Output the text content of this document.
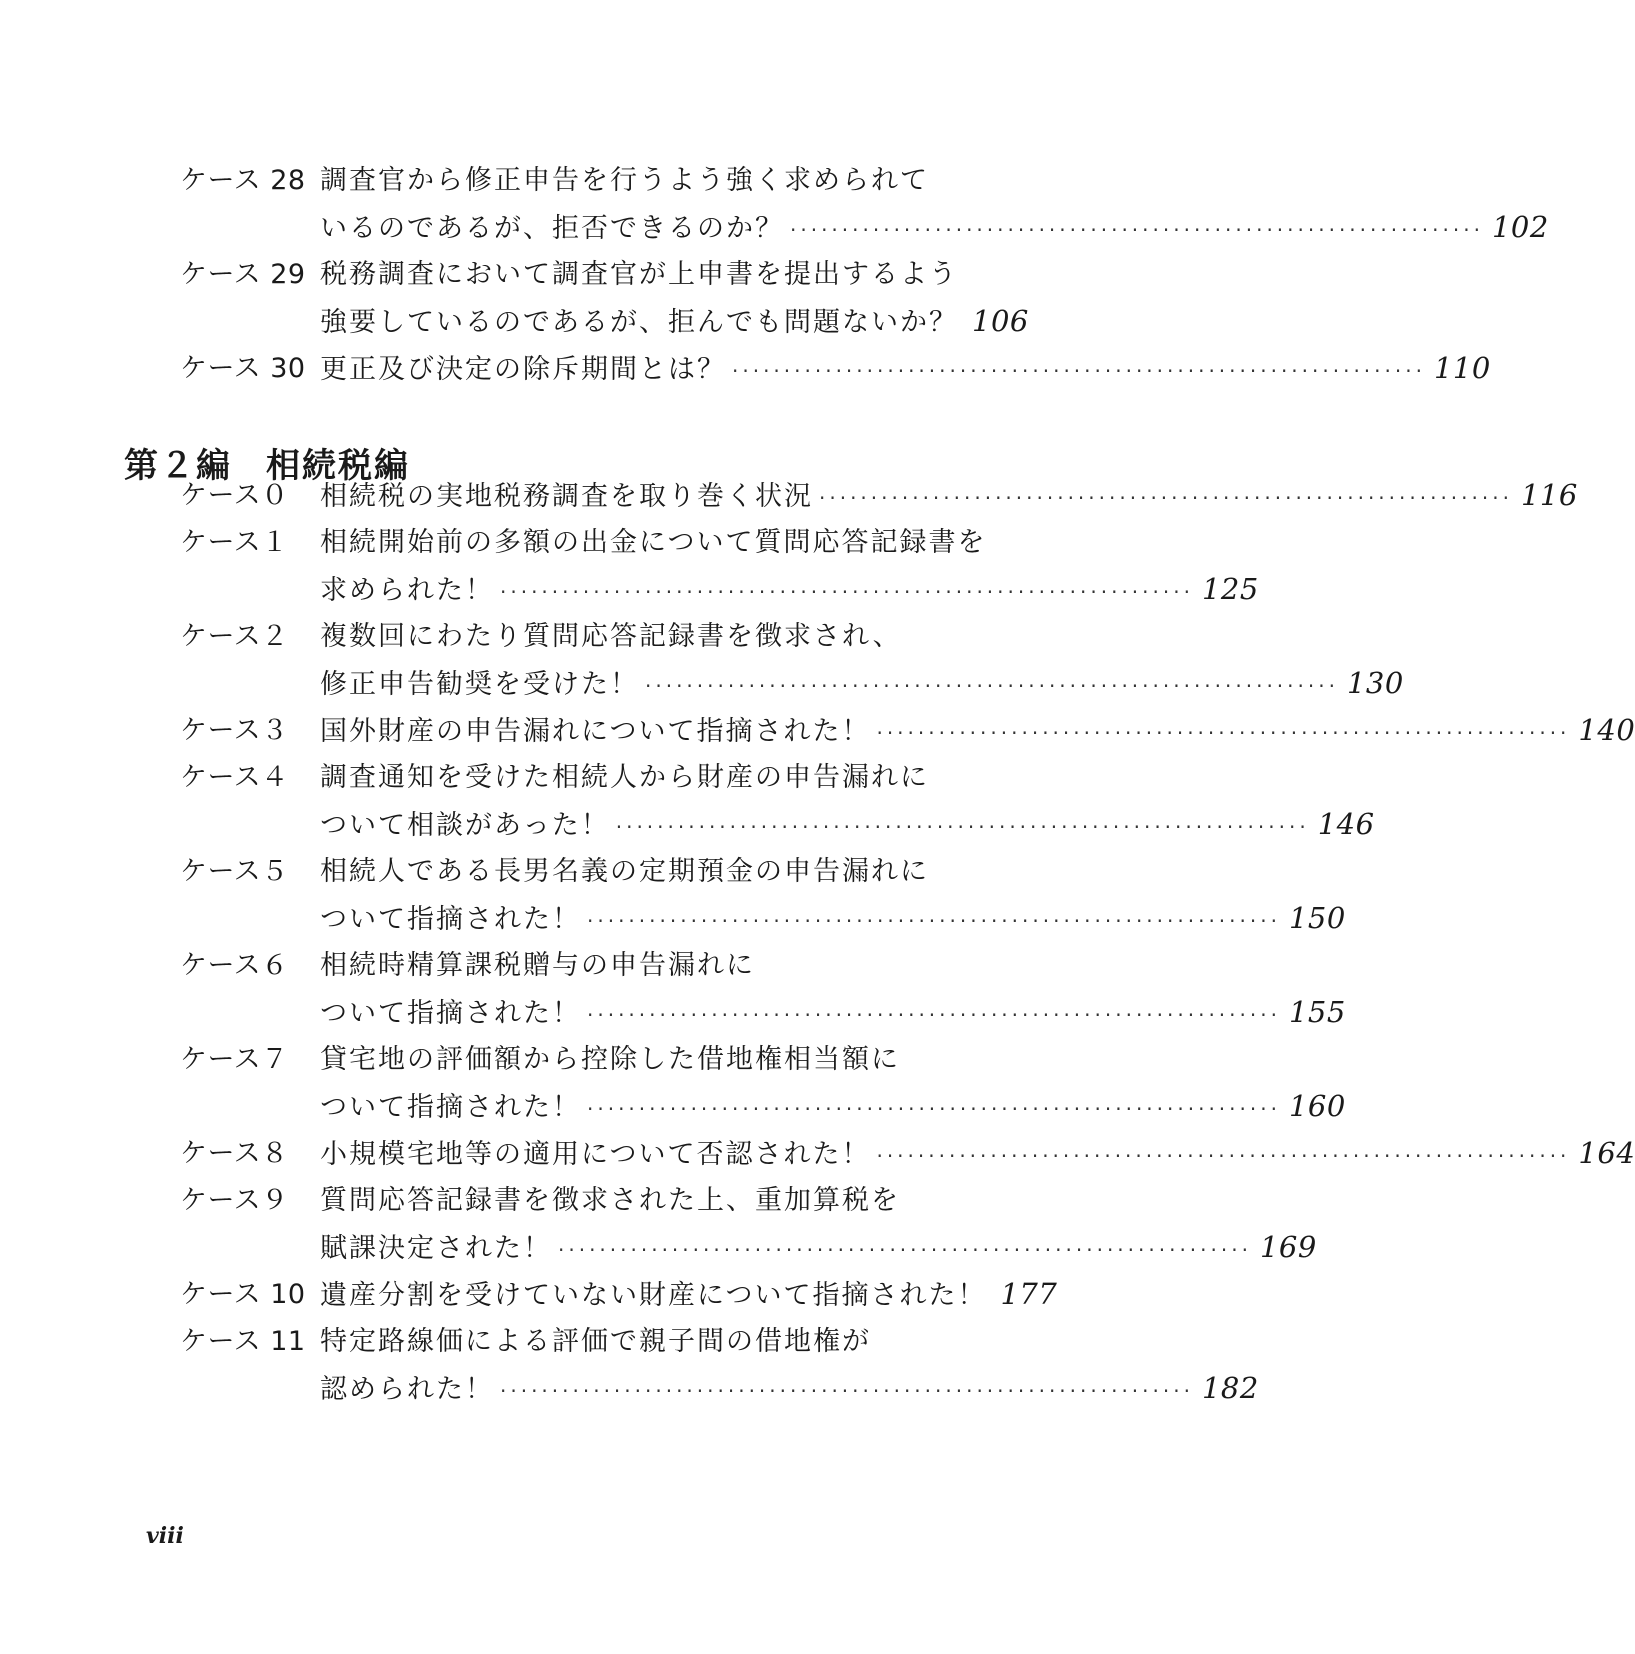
ケース 28 調査官から修正申告を行うよう強く求められて
いるのであるが、拒否できるのか？ ··································································· 102
ケース 29 税務調査において調査官が上申書を提出するよう
強要しているのであるが、拒んでも問題ないか？ 106
ケース 30 更正及び決定の除斥期間とは？ ··································································· 110
第２編 相続税編
ケース０	相続税の実地税務調査を取り巻く状況 ··································································· 116
ケース１	相続開始前の多額の出金について質問応答記録書を
求められた！ ··································································· 125
ケース２	複数回にわたり質問応答記録書を徴求され、
修正申告勧奨を受けた！ ··································································· 130
ケース３	国外財産の申告漏れについて指摘された！ ··································································· 140
ケース４	調査通知を受けた相続人から財産の申告漏れに
ついて相談があった！ ··································································· 146
ケース５	相続人である長男名義の定期預金の申告漏れに
ついて指摘された！ ··································································· 150
ケース６	相続時精算課税贈与の申告漏れに
ついて指摘された！ ··································································· 155
ケース７	貸宅地の評価額から控除した借地権相当額に
ついて指摘された！ ··································································· 160
ケース８	小規模宅地等の適用について否認された！ ··································································· 164
ケース９	質問応答記録書を徴求された上、重加算税を
賦課決定された！ ··································································· 169
ケース 10 遺産分割を受けていない財産について指摘された！ 177
ケース 11 特定路線価による評価で親子間の借地権が
認められた！ ··································································· 182
viii
